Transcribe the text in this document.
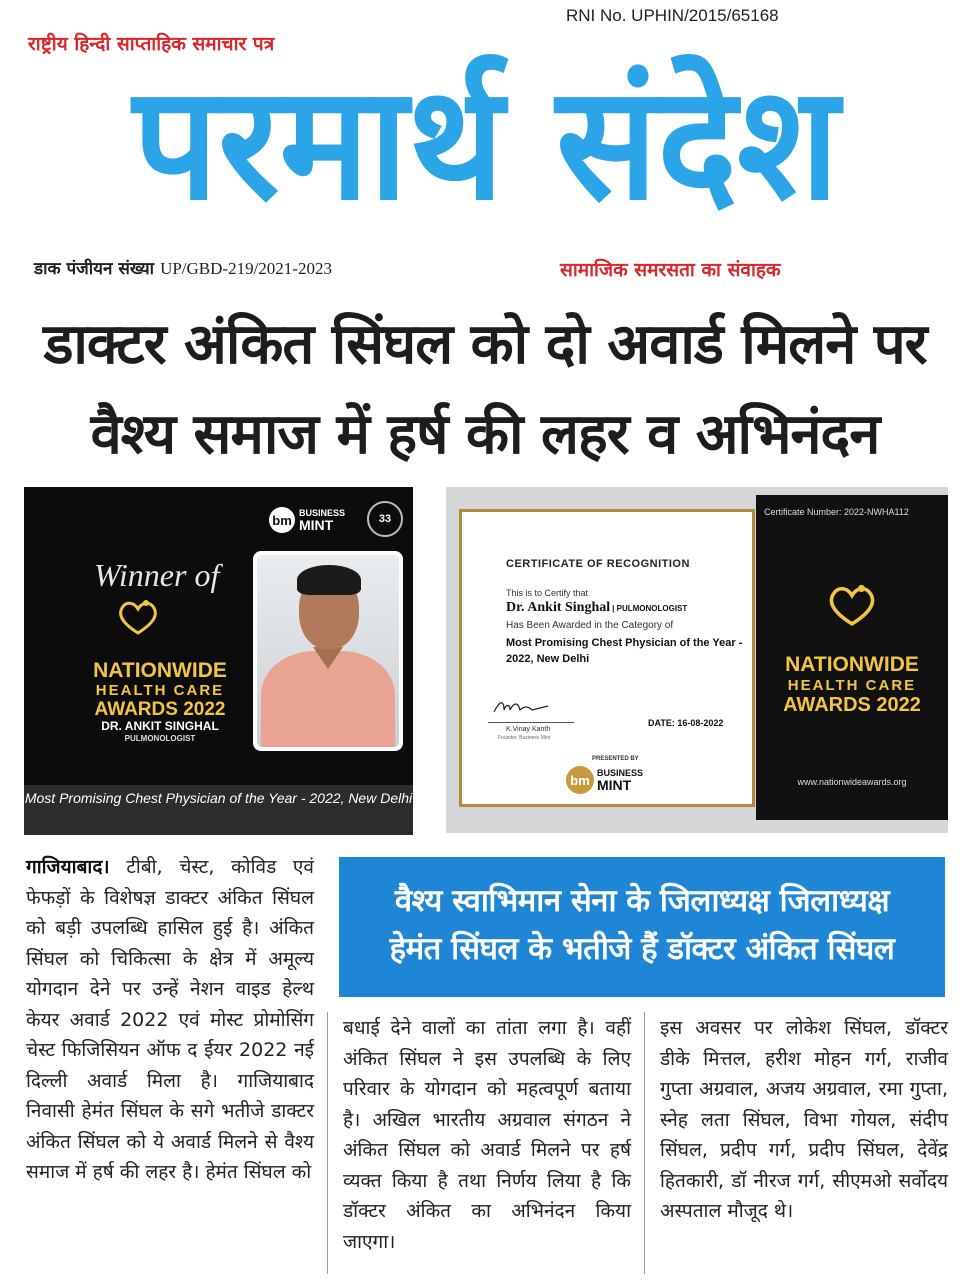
राष्ट्रीय हिन्दी साप्ताहिक समाचार पत्र
RNI No. UPHIN/2015/65168
परमार्थ संदेश
डाक पंजीयन संख्या UP/GBD-219/2021-2023	सामाजिक समरसता का संवाहक
डाक्टर अंकित सिंघल को दो अवार्ड मिलने पर
वैश्य समाज में हर्ष की लहर व अभिनंदन
bm BUSINESS
MINT	33
Winner of
NATIONWIDE
HEALTH CARE
AWARDS 2022
DR. ANKIT SINGHAL
PULMONOLOGIST
Most Promising Chest Physician of the Year - 2022, New Delhi
CERTIFICATE OF RECOGNITION
This is to Certify that
Dr. Ankit Singhal | PULMONOLOGIST
Has Been Awarded in the Category of
Most Promising Chest Physician of the Year - 2022, New Delhi
K.Vinay Kanth
Founder, Business Mint
DATE: 16-08-2022
PRESENTED BY
bm BUSINESS
MINT
Certificate Number: 2022-NWHA112
NATIONWIDE
HEALTH CARE
AWARDS 2022
www.nationwideawards.org
गाजियाबाद। टीबी, चेस्ट, कोविड एवं फेफड़ों के विशेषज्ञ डाक्टर अंकित सिंघल को बड़ी उपलब्धि हासिल हुई है। अंकित सिंघल को चिकित्सा के क्षेत्र में अमूल्य योगदान देने पर उन्हें नेशन वाइड हेल्थ केयर अवार्ड 2022 एवं मोस्ट प्रोमोसिंग चेस्ट फिजिसियन ऑफ द ईयर 2022 नई दिल्ली अवार्ड मिला है। गाजियाबाद निवासी हेमंत सिंघल के सगे भतीजे डाक्टर अंकित सिंघल को ये अवार्ड मिलने से वैश्य समाज में हर्ष की लहर है। हेमंत सिंघल को
वैश्य स्वाभिमान सेना के जिलाध्यक्ष जिलाध्यक्ष
हेमंत सिंघल के भतीजे हैं डॉक्टर अंकित सिंघल
बधाई देने वालों का तांता लगा है। वहीं अंकित सिंघल ने इस उपलब्धि के लिए परिवार के योगदान को महत्वपूर्ण बताया है। अखिल भारतीय अग्रवाल संगठन ने अंकित सिंघल को अवार्ड मिलने पर हर्ष व्यक्त किया है तथा निर्णय लिया है कि डॉक्टर अंकित का अभिनंदन किया जाएगा।
इस अवसर पर लोकेश सिंघल, डॉक्टर डीके मित्तल, हरीश मोहन गर्ग, राजीव गुप्ता अग्रवाल, अजय अग्रवाल, रमा गुप्ता, स्नेह लता सिंघल, विभा गोयल, संदीप सिंघल, प्रदीप गर्ग, प्रदीप सिंघल, देवेंद्र हितकारी, डॉ नीरज गर्ग, सीएमओ सर्वोदय अस्पताल मौजूद थे।
